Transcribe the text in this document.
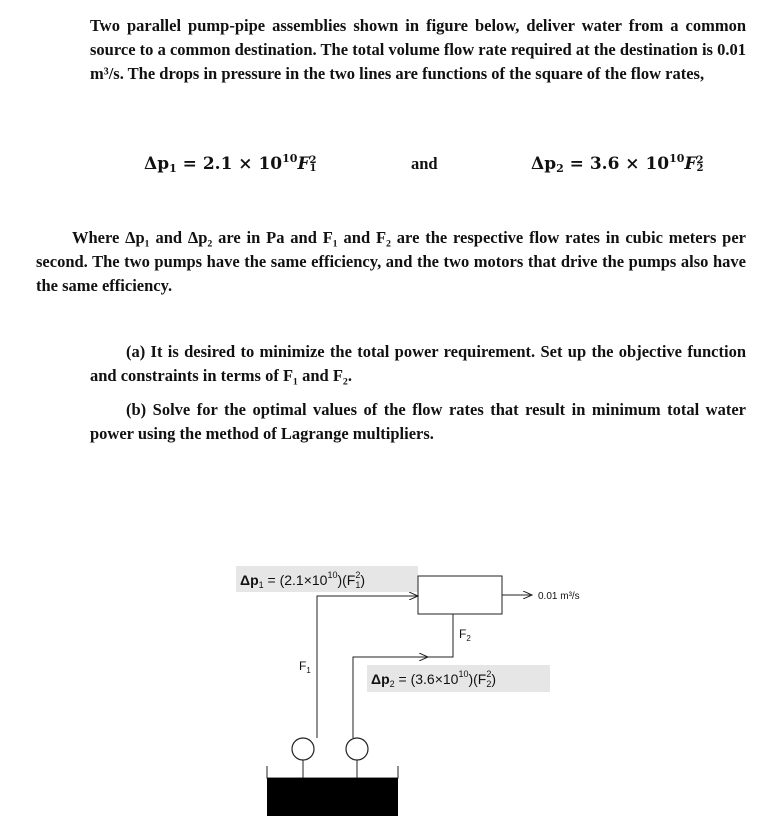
Two parallel pump-pipe assemblies shown in figure below, deliver water from a common source to a common destination. The total volume flow rate required at the destination is 0.01 m³/s. The drops in pressure in the two lines are functions of the square of the flow rates,
$\Delta p_1 = 2.1 \times 10^{10}F$ 2
1	and	$\Delta p_2 = 3.6 \times 10^{10}F$ 2
2
Where Δp₁ and Δp₂ are in Pa and F₁ and F₂ are the respective flow rates in cubic meters per second. The two pumps have the same efficiency, and the two motors that drive the pumps also have the same efficiency.
(a) It is desired to minimize the total power requirement. Set up the objective function and constraints in terms of F₁ and F₂.
(b) Solve for the optimal values of the flow rates that result in minimum total water power using the method of Lagrange multipliers.
$\Delta p_1 = (2.1\times 10^{10})(F_12)$
$\Delta p_2 = (3.6\times 10^{10})(F_22)$
$F_1$
$F_2$
0.01 m³/s
